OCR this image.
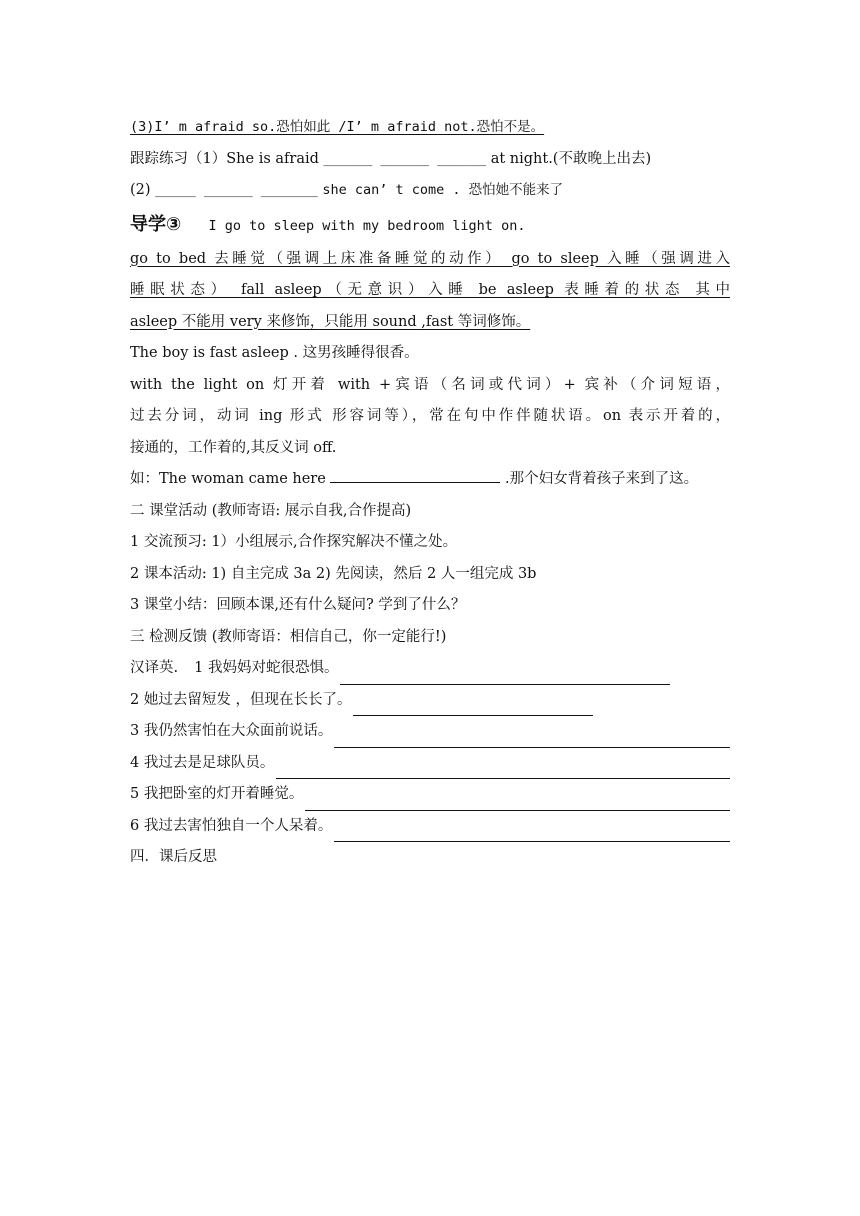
(3)I’ m afraid so.恐怕如此 /I’ m afraid not.恐怕不是。
跟踪练习（1）She is afraid ______ ______ ______ at night.(不敢晚上出去)
(2) _____ ______ _______ she can’ t come . 恐怕她不能来了
导学③ I go to sleep with my bedroom light on.
go to bed 去睡觉（强调上床准备睡觉的动作） go to sleep 入睡（强调进入
睡眠状态） fall asleep（无意识）入睡 be asleep 表睡着的状态 其中
asleep 不能用 very 来修饰，只能用 sound ,fast 等词修饰。
The boy is fast asleep . 这男孩睡得很香。
with the light on 灯开着 with +宾语（名词或代词）+ 宾补（介词短语，
过去分词，动词 ing 形式 形容词等），常在句中作伴随状语。on 表示开着的，
接通的，工作着的,其反义词 off.
如：The woman came here	.那个妇女背着孩子来到了这。
二 课堂活动 (教师寄语: 展示自我,合作提高)
1 交流预习: 1）小组展示,合作探究解决不懂之处。
2 课本活动: 1) 自主完成 3a 2) 先阅读，然后 2 人一组完成 3b
3 课堂小结：回顾本课,还有什么疑问? 学到了什么？
三 检测反馈 (教师寄语：相信自己，你一定能行!)
汉译英. 1 我妈妈对蛇很恐惧。
2 她过去留短发 ，但现在长长了。
3 我仍然害怕在大众面前说话。
4 我过去是足球队员。
5 我把卧室的灯开着睡觉。
6 我过去害怕独自一个人呆着。
四．课后反思
